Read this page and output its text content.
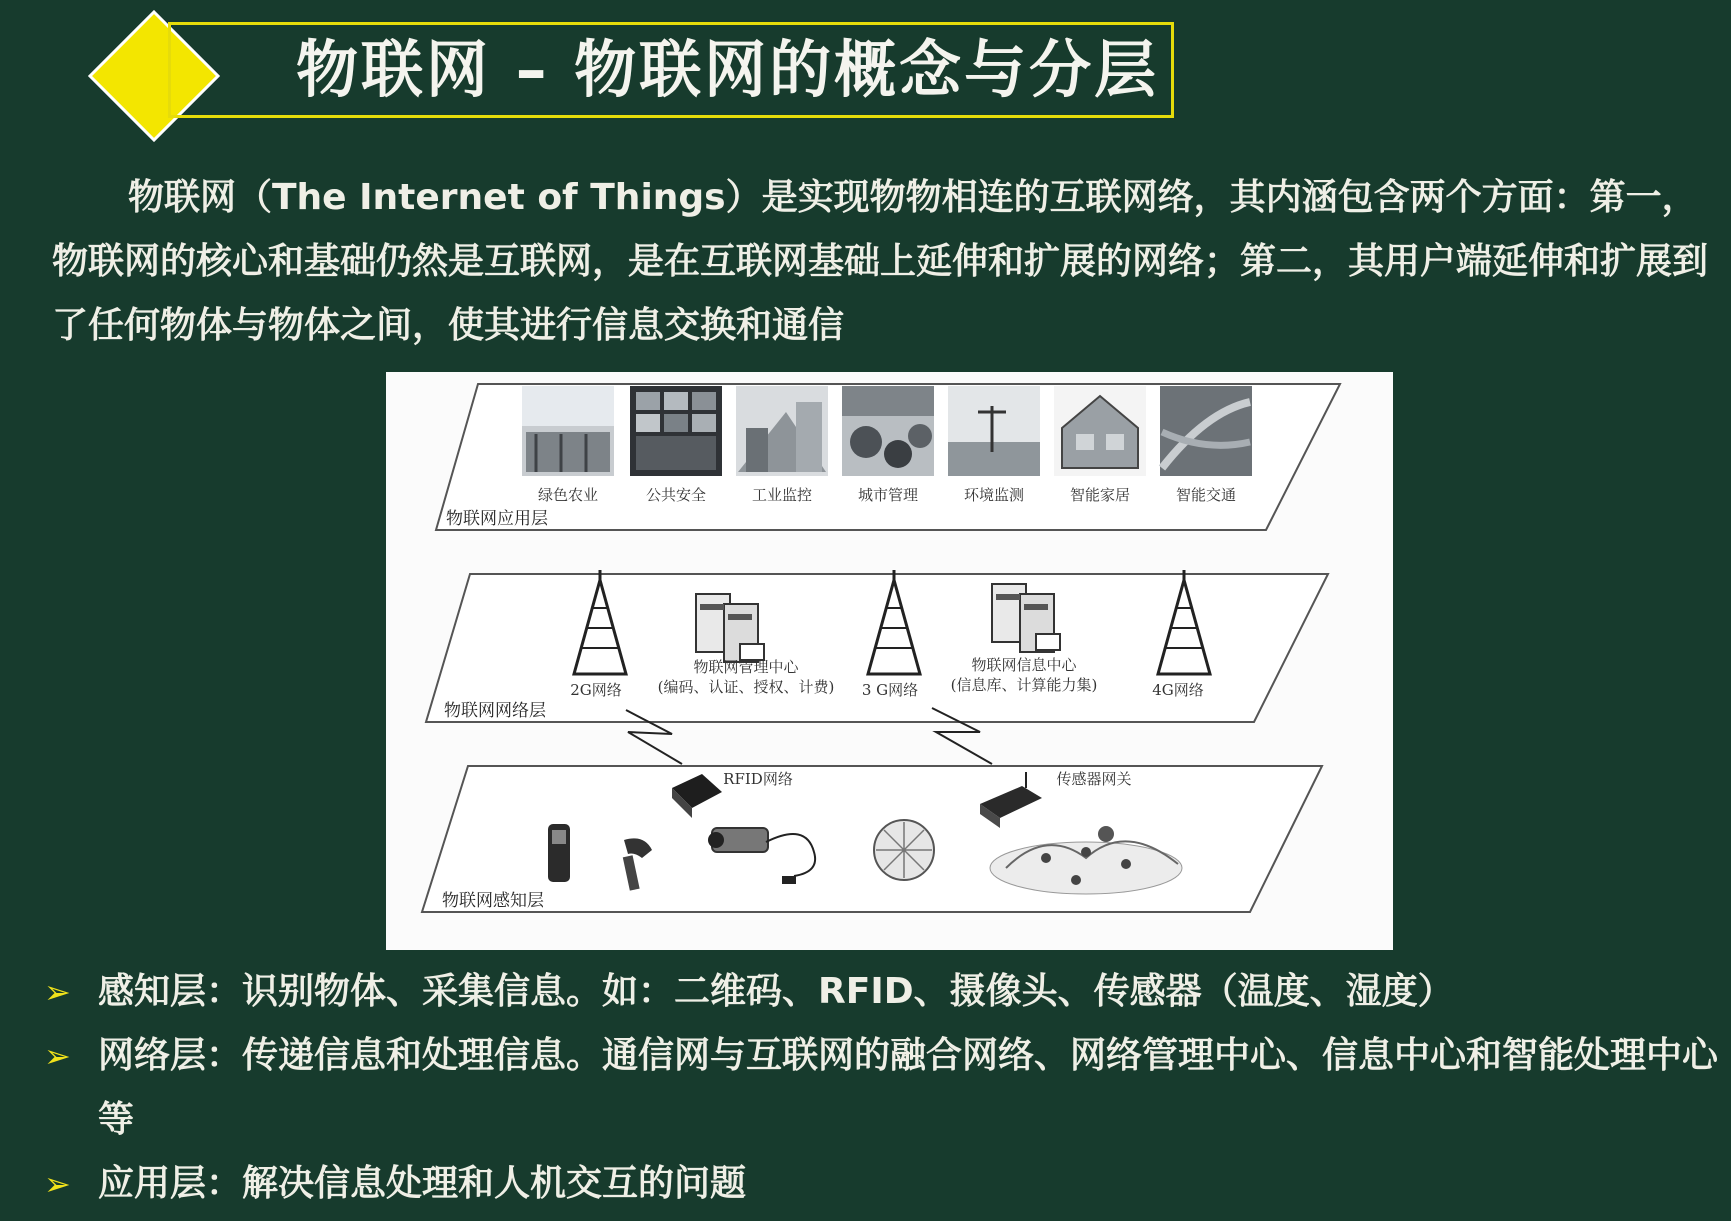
物联网 – 物联网的概念与分层

物联网（The Internet of Things）是实现物物相连的互联网络，其内涵包含两个方面：第一，物联网的核心和基础仍然是互联网，是在互联网基础上延伸和扩展的网络；第二，其用户端延伸和扩展到了任何物体与物体之间，使其进行信息交换和通信

绿色农业	公共安全	工业监控	城市管理	环境监测	智能家居	智能交通
物联网应用层
2G网络
物联网管理中心
(编码、认证、授权、计费) 3 G网络
物联网信息中心
(信息库、计算能力集)	4G网络
物联网网络层
RFID网络	传感器网关
物联网感知层
➢ 感知层：识别物体、采集信息。如：二维码、RFID、摄像头、传感器（温度、湿度）
➢ 网络层：传递信息和处理信息。通信网与互联网的融合网络、网络管理中心、信息中心和智能处理中心等
➢ 应用层：解决信息处理和人机交互的问题
